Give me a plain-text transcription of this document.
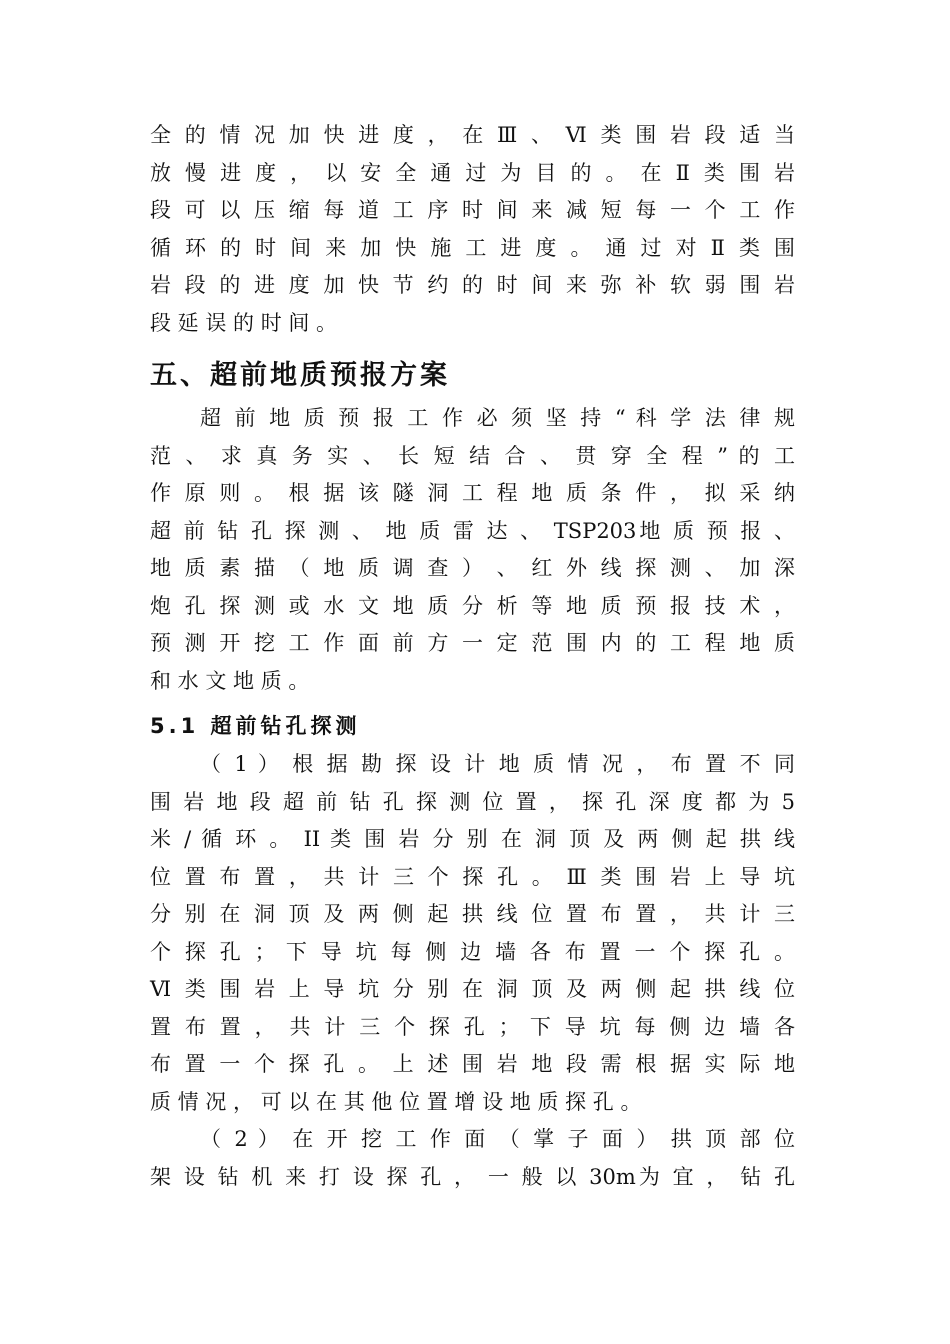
全 的 情 况 加 快 进 度 ， 在 Ⅲ 、 Ⅵ 类 围 岩 段 适 当
放 慢 进 度 ， 以 安 全 通 过 为 目 的 。 在 Ⅱ 类 围 岩
段 可 以 压 缩 每 道 工 序 时 间 来 减 短 每 一 个 工 作
循 环 的 时 间 来 加 快 施 工 进 度 。 通 过 对 Ⅱ 类 围
岩 段 的 进 度 加 快 节 约 的 时 间 来 弥 补 软 弱 围 岩
段 延 误 的 时 间 。
五、超前地质预报方案
超 前 地 质 预 报 工 作 必 须 坚 持 “ 科 学 法 律 规
范 、 求 真 务 实 、 长 短 结 合 、 贯 穿 全 程 ” 的 工
作 原 则 。 根 据 该 隧 洞 工 程 地 质 条 件 ， 拟 采 纳
超 前 钻 孔 探 测 、 地 质 雷 达 、 TSP203地 质 预 报 、
地 质 素 描 （ 地 质 调 查 ） 、 红 外 线 探 测 、 加 深
炮 孔 探 测 或 水 文 地 质 分 析 等 地 质 预 报 技 术 ，
预 测 开 挖 工 作 面 前 方 一 定 范 围 内 的 工 程 地 质
和 水 文 地 质 。
5.1 超前钻孔探测
（ 1 ） 根 据 勘 探 设 计 地 质 情 况 ， 布 置 不 同
围 岩 地 段 超 前 钻 孔 探 测 位 置 ， 探 孔 深 度 都 为 5
米 / 循 环 。 II 类 围 岩 分 别 在 洞 顶 及 两 侧 起 拱 线
位 置 布 置 ， 共 计 三 个 探 孔 。 Ⅲ 类 围 岩 上 导 坑
分 别 在 洞 顶 及 两 侧 起 拱 线 位 置 布 置 ， 共 计 三
个 探 孔 ； 下 导 坑 每 侧 边 墙 各 布 置 一 个 探 孔 。
Ⅵ 类 围 岩 上 导 坑 分 别 在 洞 顶 及 两 侧 起 拱 线 位
置 布 置 ， 共 计 三 个 探 孔 ； 下 导 坑 每 侧 边 墙 各
布 置 一 个 探 孔 。 上 述 围 岩 地 段 需 根 据 实 际 地
质 情 况 ， 可 以 在 其 他 位 置 增 设 地 质 探 孔 。
（ 2 ） 在 开 挖 工 作 面 （ 掌 子 面 ） 拱 顶 部 位
架 设 钻 机 来 打 设 探 孔 ， 一 般 以 30m为 宜 ， 钻 孔
